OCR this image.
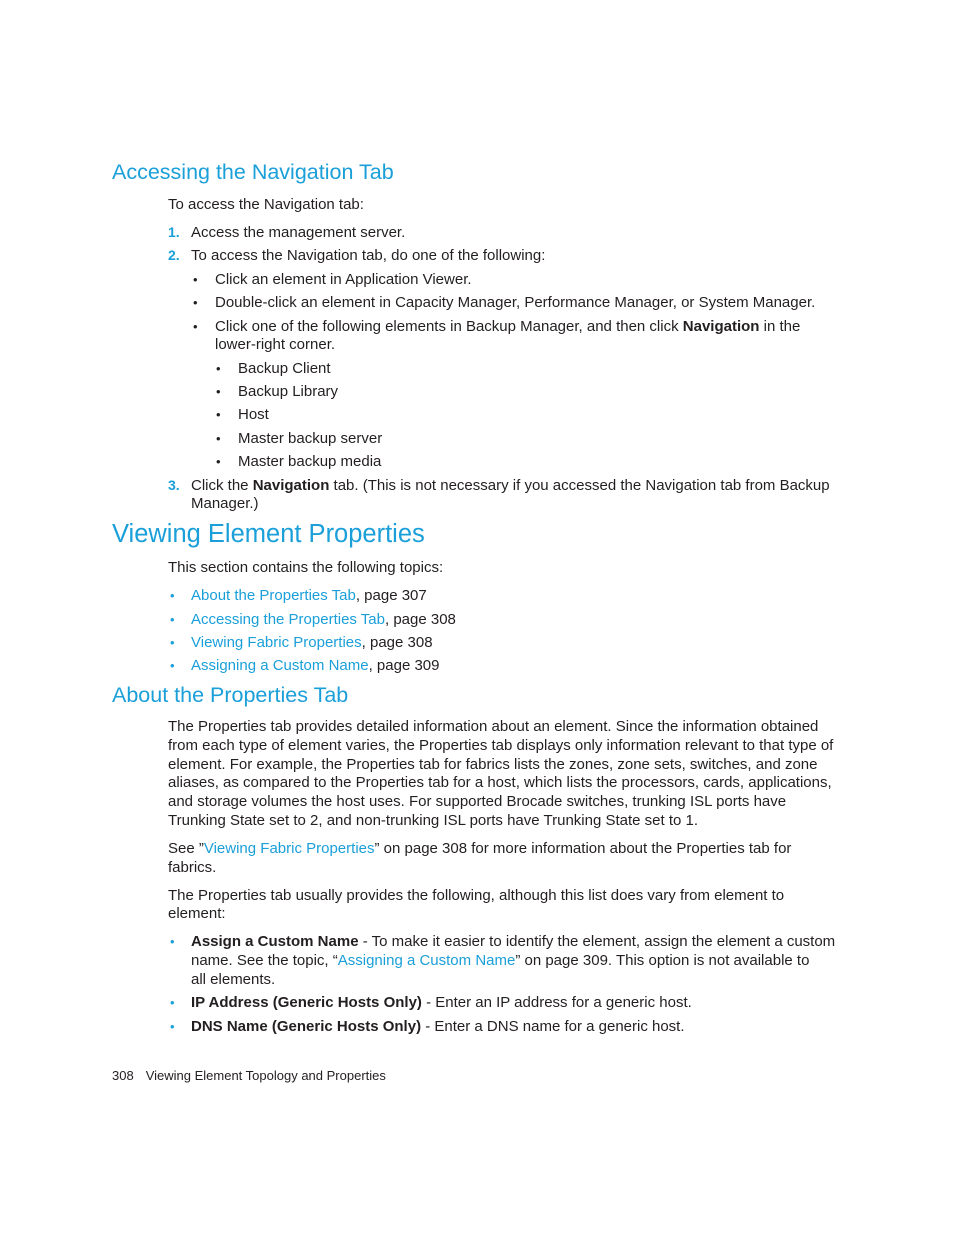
Accessing the Navigation Tab
To access the Navigation tab:
1. Access the management server.
2. To access the Navigation tab, do one of the following:
• Click an element in Application Viewer.
• Double-click an element in Capacity Manager, Performance Manager, or System Manager.
• Click one of the following elements in Backup Manager, and then click Navigation in the
lower-right corner.
• Backup Client
• Backup Library
• Host
• Master backup server
• Master backup media
3. Click the Navigation tab. (This is not necessary if you accessed the Navigation tab from Backup
Manager.)
Viewing Element Properties
This section contains the following topics:
• About the Properties Tab, page 307
• Accessing the Properties Tab, page 308
• Viewing Fabric Properties, page 308
• Assigning a Custom Name, page 309
About the Properties Tab
The Properties tab provides detailed information about an element. Since the information obtained
from each type of element varies, the Properties tab displays only information relevant to that type of
element. For example, the Properties tab for fabrics lists the zones, zone sets, switches, and zone
aliases, as compared to the Properties tab for a host, which lists the processors, cards, applications,
and storage volumes the host uses. For supported Brocade switches, trunking ISL ports have
Trunking State set to 2, and non-trunking ISL ports have Trunking State set to 1.
See ”Viewing Fabric Properties” on page 308 for more information about the Properties tab for
fabrics.
The Properties tab usually provides the following, although this list does vary from element to
element:
• Assign a Custom Name - To make it easier to identify the element, assign the element a custom
name. See the topic, “Assigning a Custom Name” on page 309. This option is not available to
all elements.
• IP Address (Generic Hosts Only) - Enter an IP address for a generic host.
• DNS Name (Generic Hosts Only) - Enter a DNS name for a generic host.
308 Viewing Element Topology and Properties
